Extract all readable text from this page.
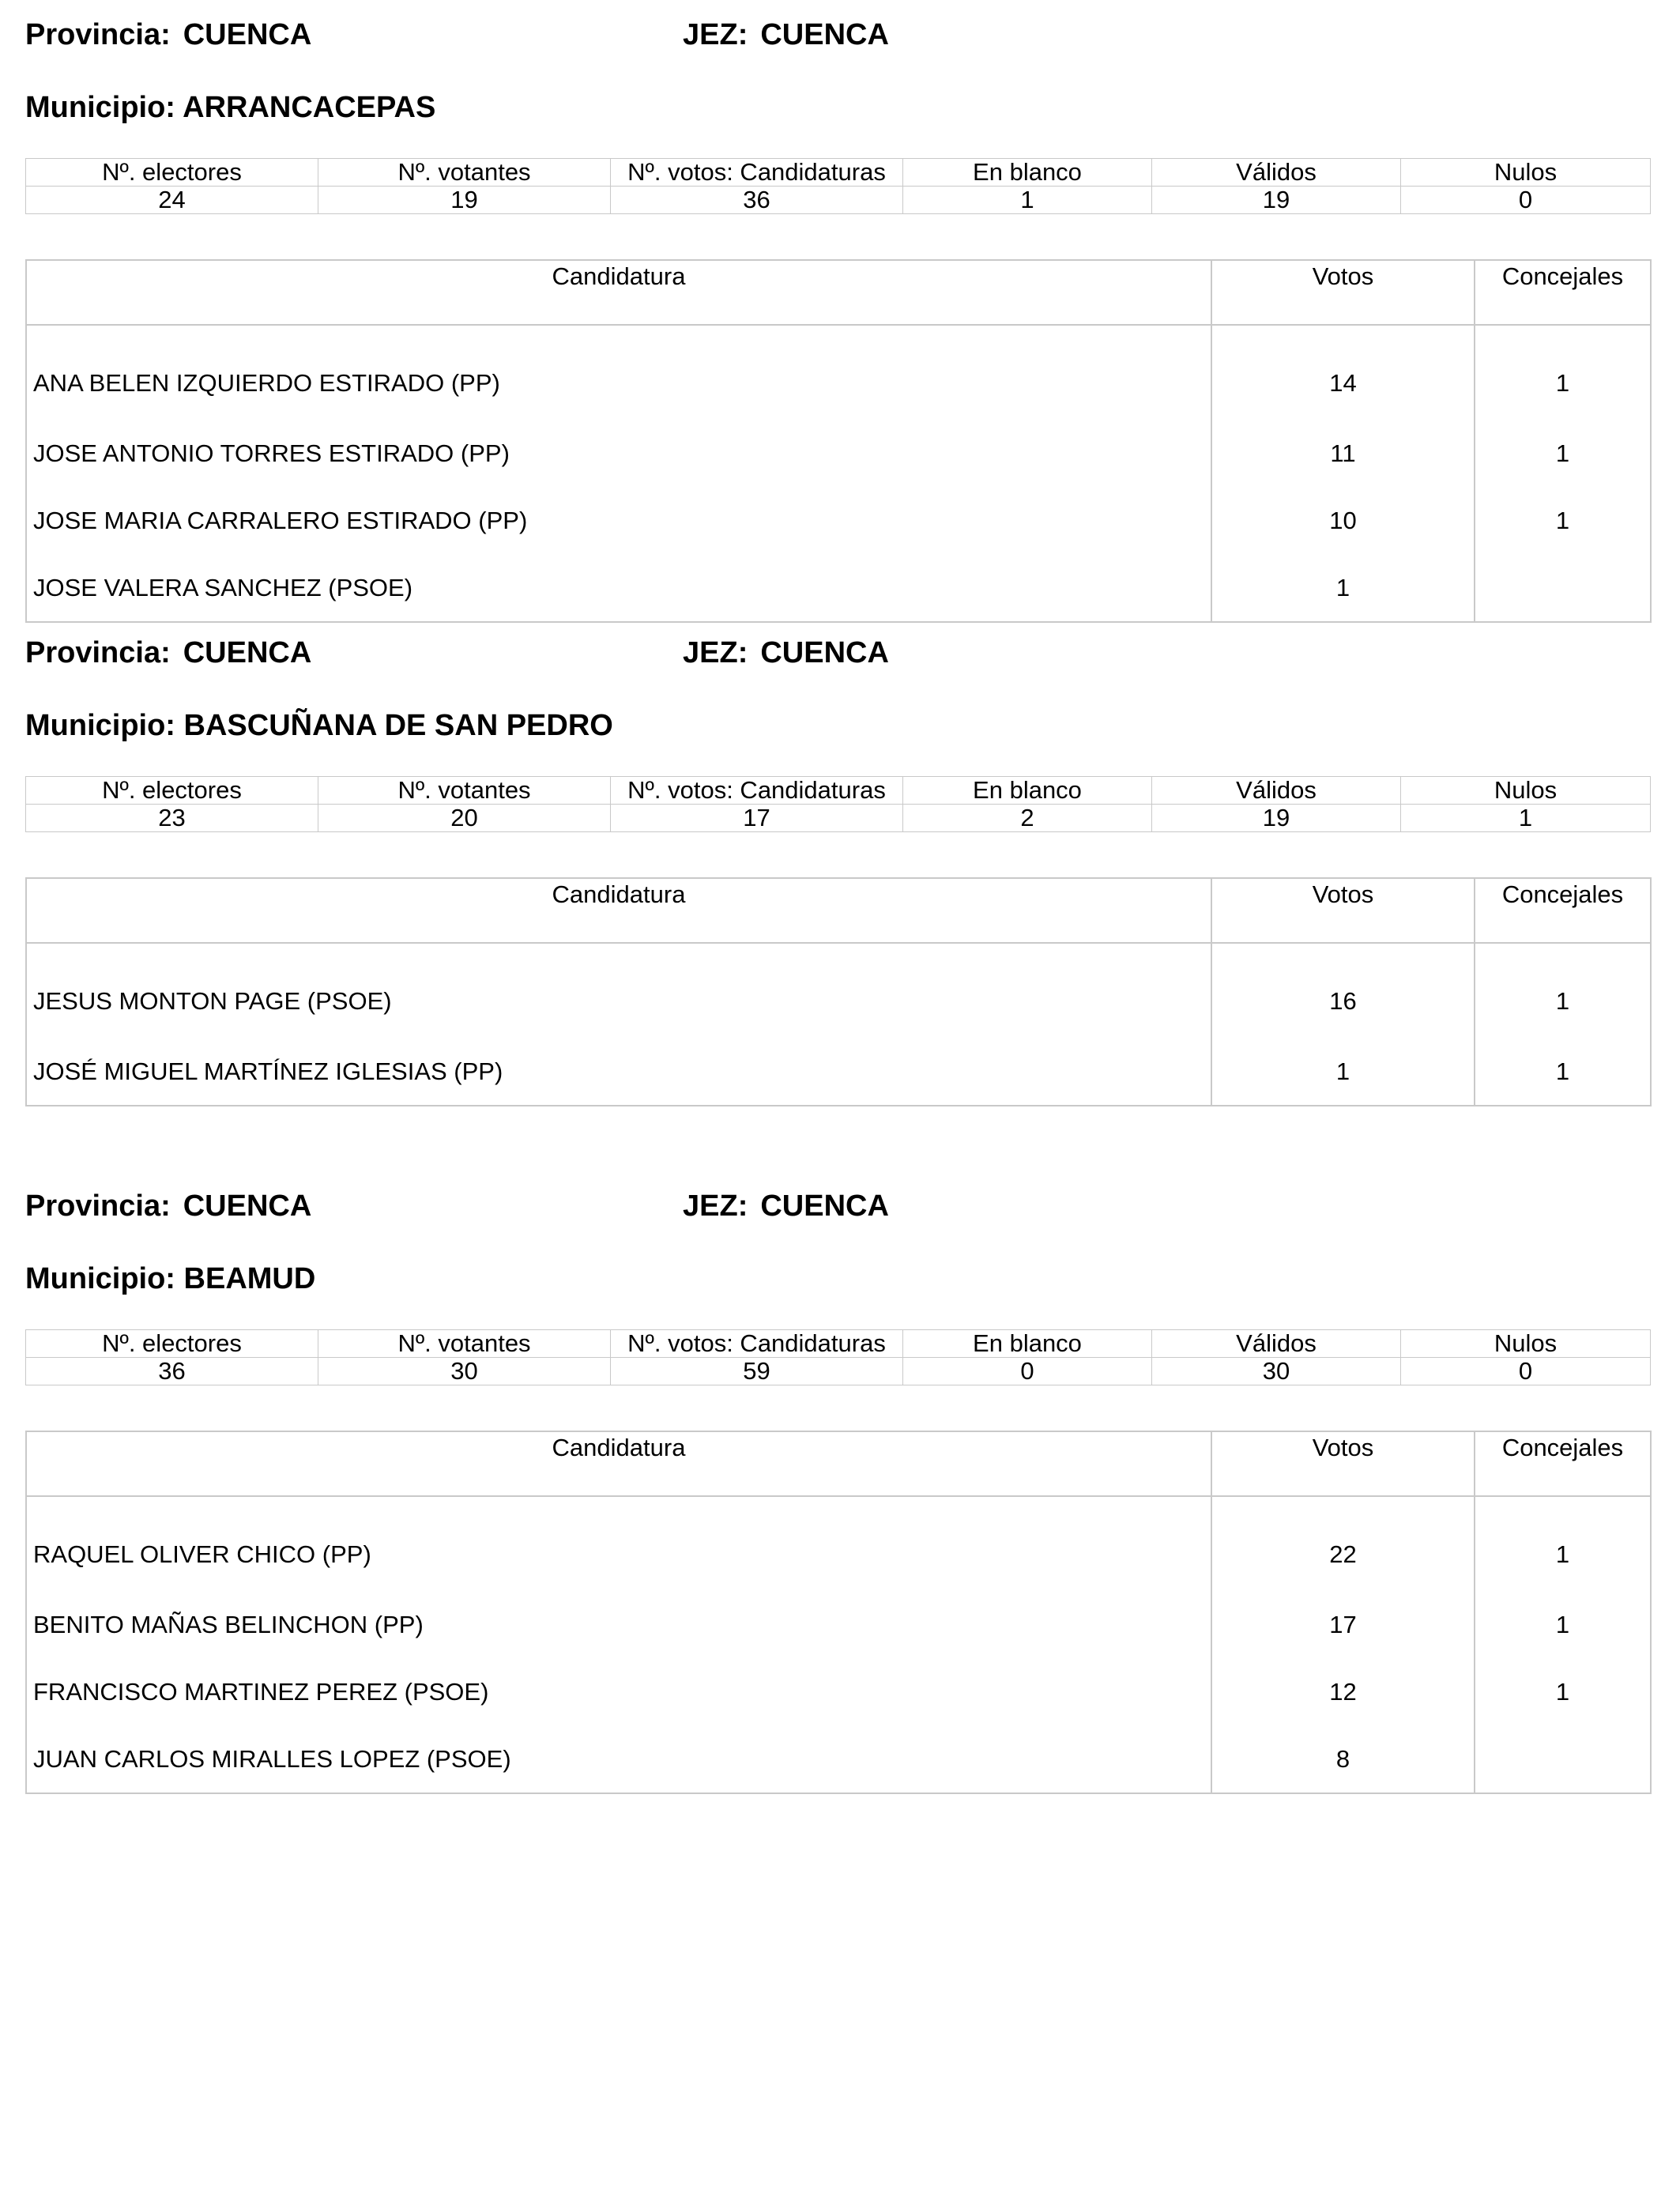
Provincia: CUENCA	JEZ: CUENCA
Municipio: ARRANCACEPAS
Nº. electores	Nº. votantes	Nº. votos: Candidaturas	En blanco	Válidos	Nulos
24	19	36	1	19	0
Candidatura	Votos	Concejales
ANA BELEN IZQUIERDO ESTIRADO (PP)	14	1
JOSE ANTONIO TORRES ESTIRADO (PP)	11	1
JOSE MARIA CARRALERO ESTIRADO (PP)	10	1
JOSE VALERA SANCHEZ (PSOE)	1	
Provincia: CUENCA	JEZ: CUENCA
Municipio: BASCUÑANA DE SAN PEDRO
Nº. electores	Nº. votantes	Nº. votos: Candidaturas	En blanco	Válidos	Nulos
23	20	17	2	19	1
Candidatura	Votos	Concejales
JESUS MONTON PAGE (PSOE)	16	1
JOSÉ MIGUEL MARTÍNEZ IGLESIAS (PP)	1	1
Provincia: CUENCA	JEZ: CUENCA
Municipio: BEAMUD
Nº. electores	Nº. votantes	Nº. votos: Candidaturas	En blanco	Válidos	Nulos
36	30	59	0	30	0
Candidatura	Votos	Concejales
RAQUEL OLIVER CHICO (PP)	22	1
BENITO MAÑAS BELINCHON (PP)	17	1
FRANCISCO MARTINEZ PEREZ (PSOE)	12	1
JUAN CARLOS MIRALLES LOPEZ (PSOE)	8	
